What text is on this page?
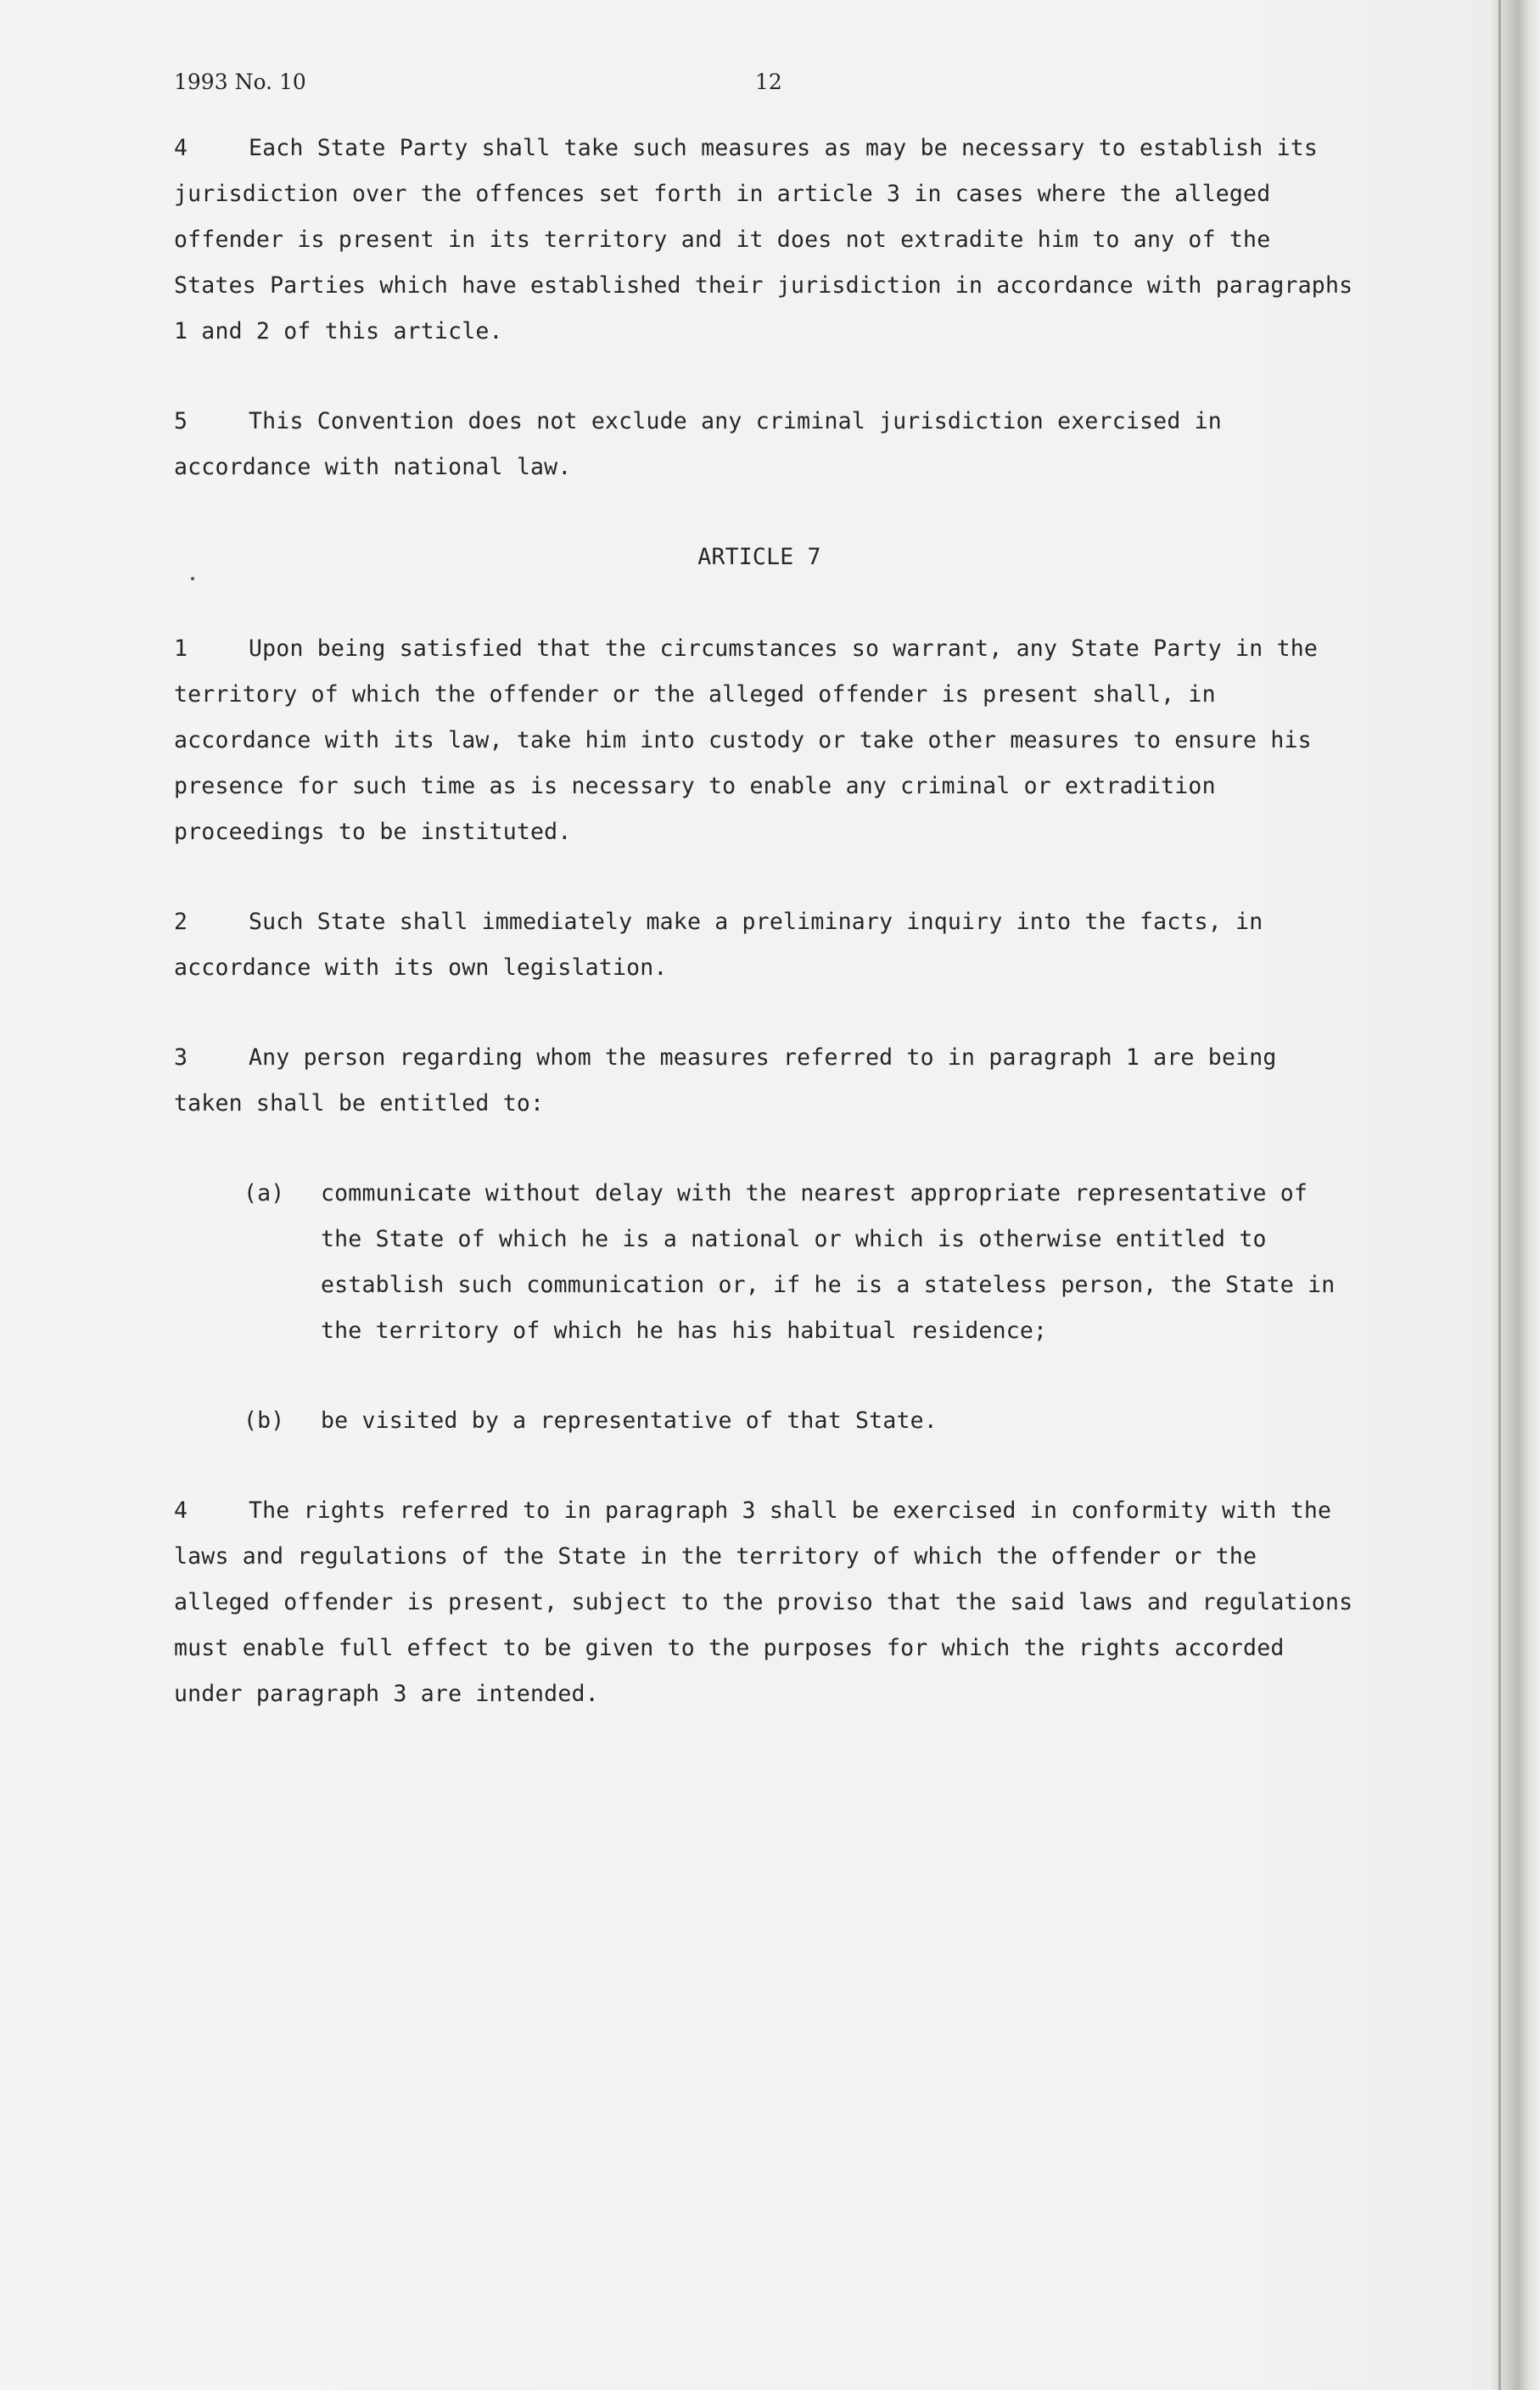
1993 No. 10	12

4	Each State Party shall take such measures as may be necessary to establish its jurisdiction over the offences set forth in article 3 in cases where the alleged offender is present in its territory and it does not extradite him to any of the States Parties which have established their jurisdiction in accordance with paragraphs 1 and 2 of this article.

5	This Convention does not exclude any criminal jurisdiction exercised in accordance with national law.

ARTICLE 7

1	Upon being satisfied that the circumstances so warrant, any State Party in the territory of which the offender or the alleged offender is present shall, in accordance with its law, take him into custody or take other measures to ensure his presence for such time as is necessary to enable any criminal or extradition proceedings to be instituted.

2	Such State shall immediately make a preliminary inquiry into the facts, in accordance with its own legislation.

3	Any person regarding whom the measures referred to in paragraph 1 are being taken shall be entitled to:

(a) communicate without delay with the nearest appropriate representative of the State of which he is a national or which is otherwise entitled to establish such communication or, if he is a stateless person, the State in the territory of which he has his habitual residence;
(b) be visited by a representative of that State.

4	The rights referred to in paragraph 3 shall be exercised in conformity with the laws and regulations of the State in the territory of which the offender or the alleged offender is present, subject to the proviso that the said laws and regulations must enable full effect to be given to the purposes for which the rights accorded under paragraph 3 are intended.
